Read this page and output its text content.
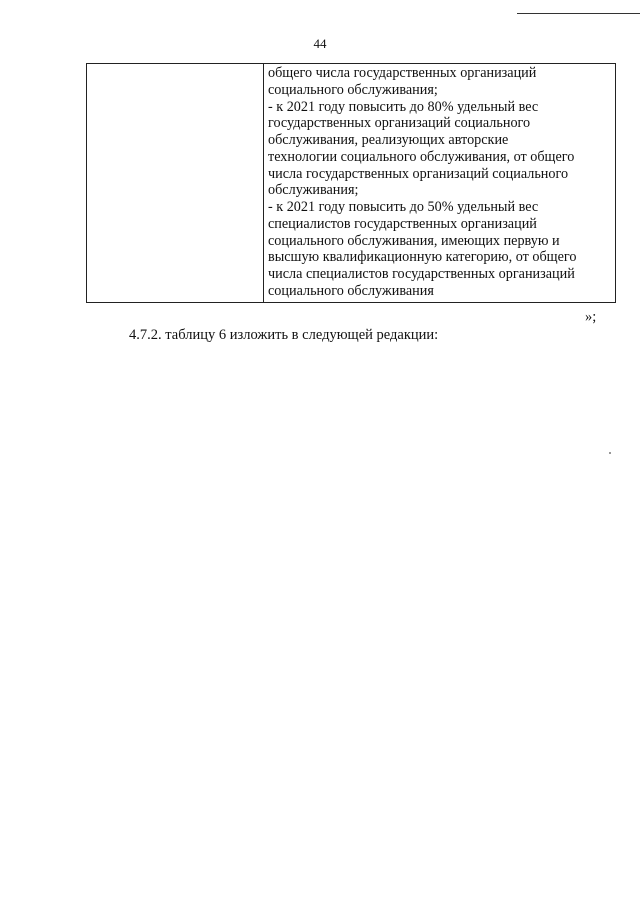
44

общего числа государственных организаций
социального обслуживания;
- к 2021 году повысить до 80% удельный вес
государственных организаций социального
обслуживания, реализующих авторские
технологии социального обслуживания, от общего
числа государственных организаций социального
обслуживания;
- к 2021 году повысить до 50% удельный вес
специалистов государственных организаций
социального обслуживания, имеющих первую и
высшую квалификационную категорию, от общего
числа специалистов государственных организаций
социального обслуживания
»;
4.7.2. таблицу 6 изложить в следующей редакции:
